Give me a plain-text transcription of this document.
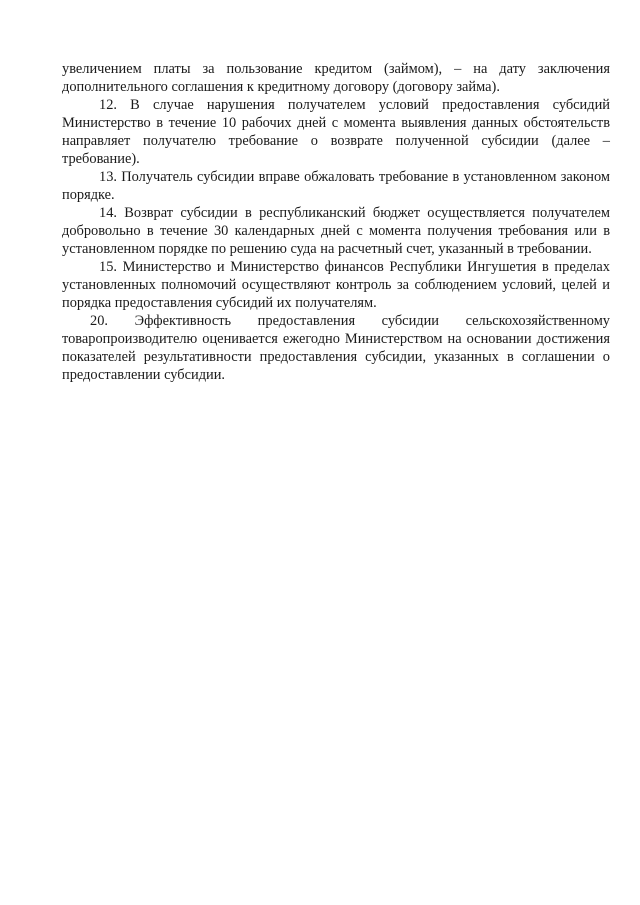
увеличением платы за пользование кредитом (займом), – на дату заключения дополнительного соглашения к кредитному договору (договору займа).

12. В случае нарушения получателем условий предоставления субсидий Министерство в течение 10 рабочих дней с момента выявления данных обстоятельств направляет получателю требование о возврате полученной субсидии (далее – требование).

13. Получатель субсидии вправе обжаловать требование в установленном законом порядке.

14. Возврат субсидии в республиканский бюджет осуществляется получателем добровольно в течение 30 календарных дней с момента получения требования или в установленном порядке по решению суда на расчетный счет, указанный в требовании.

15. Министерство и Министерство финансов Республики Ингушетия в пределах установленных полномочий осуществляют контроль за соблюдением условий, целей и порядка предоставления субсидий их получателям.

20. Эффективность предоставления субсидии сельскохозяйственному товаропроизводителю оценивается ежегодно Министерством на основании достижения показателей результативности предоставления субсидии, указанных в соглашении о предоставлении субсидии.
